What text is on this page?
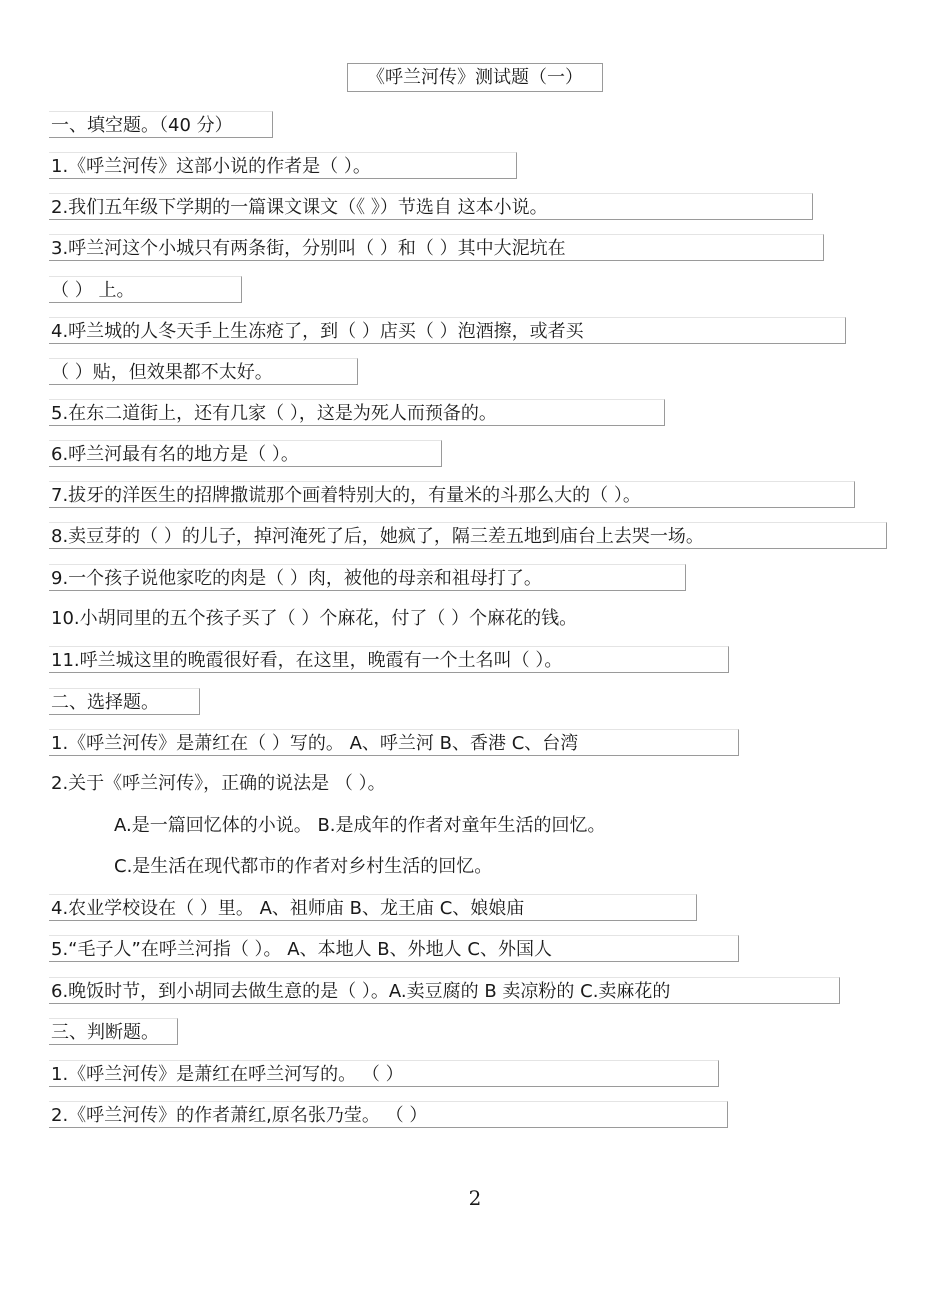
《呼兰河传》测试题（一）
一、填空题。（40 分）
1.《呼兰河传》这部小说的作者是（ ）。
2.我们五年级下学期的一篇课文课文（《 》）节选自 这本小说。
3.呼兰河这个小城只有两条街，分别叫（ ）和（ ）其中大泥坑在
（ ） 上。
4.呼兰城的人冬天手上生冻疮了，到（ ）店买（ ）泡酒擦，或者买
（ ）贴，但效果都不太好。
5.在东二道街上，还有几家（ ），这是为死人而预备的。
6.呼兰河最有名的地方是（ ）。
7.拔牙的洋医生的招牌撒谎那个画着特别大的，有量米的斗那么大的（ ）。
8.卖豆芽的（ ）的儿子，掉河淹死了后，她疯了，隔三差五地到庙台上去哭一场。
9.一个孩子说他家吃的肉是（ ）肉，被他的母亲和祖母打了。
10.小胡同里的五个孩子买了（ ）个麻花，付了（ ）个麻花的钱。
11.呼兰城这里的晚霞很好看，在这里，晚霞有一个土名叫（ ）。
二、选择题。
1.《呼兰河传》是萧红在（ ）写的。 A、呼兰河 B、香港 C、台湾
2.关于《呼兰河传》，正确的说法是 （ ）。
A.是一篇回忆体的小说。 B.是成年的作者对童年生活的回忆。
C.是生活在现代都市的作者对乡村生活的回忆。
4.农业学校设在（ ）里。 A、祖师庙 B、龙王庙 C、娘娘庙
5.“毛子人”在呼兰河指（ ）。 A、本地人 B、外地人 C、外国人
6.晚饭时节，到小胡同去做生意的是（ ）。A.卖豆腐的 B 卖凉粉的 C.卖麻花的
三、判断题。
1.《呼兰河传》是萧红在呼兰河写的。 （ ）
2.《呼兰河传》的作者萧红,原名张乃莹。 （ ）
2
